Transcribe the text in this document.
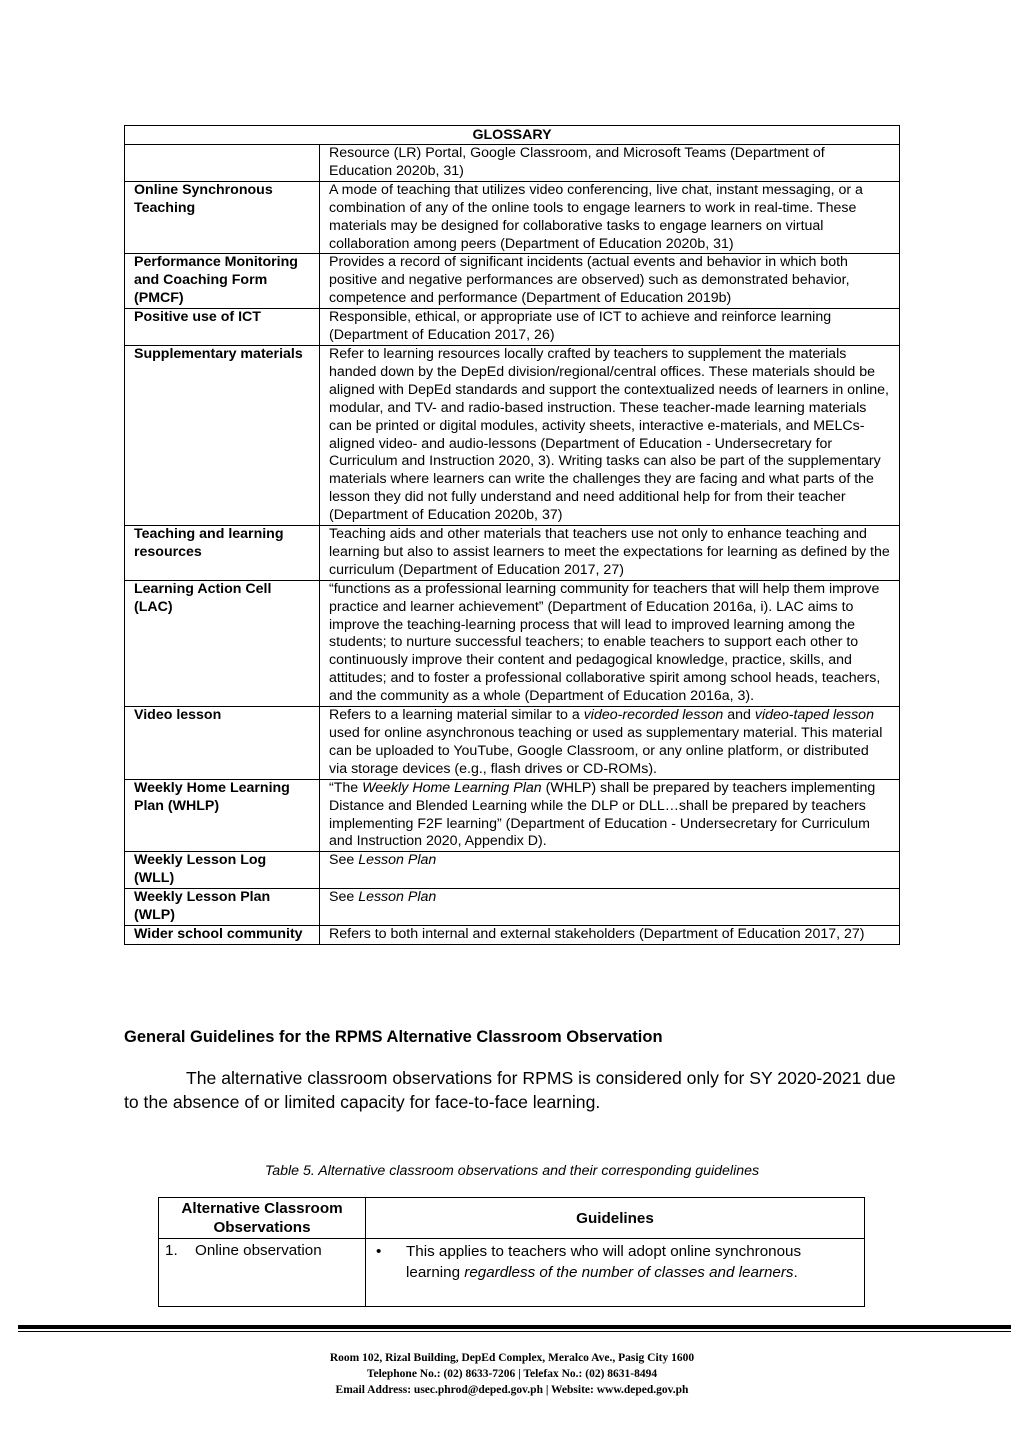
GLOSSARY	
	Resource (LR) Portal, Google Classroom, and Microsoft Teams (Department of Education 2020b, 31)
Online Synchronous Teaching	A mode of teaching that utilizes video conferencing, live chat, instant messaging, or a combination of any of the online tools to engage learners to work in real-time. These materials may be designed for collaborative tasks to engage learners on virtual collaboration among peers (Department of Education 2020b, 31)
Performance Monitoring and Coaching Form (PMCF)	Provides a record of significant incidents (actual events and behavior in which both positive and negative performances are observed) such as demonstrated behavior, competence and performance (Department of Education 2019b)
Positive use of ICT	Responsible, ethical, or appropriate use of ICT to achieve and reinforce learning (Department of Education 2017, 26)
Supplementary materials	Refer to learning resources locally crafted by teachers to supplement the materials handed down by the DepEd division/regional/central offices. These materials should be aligned with DepEd standards and support the contextualized needs of learners in online, modular, and TV- and radio-based instruction. These teacher-made learning materials can be printed or digital modules, activity sheets, interactive e-materials, and MELCs-aligned video- and audio-lessons (Department of Education - Undersecretary for Curriculum and Instruction 2020, 3). Writing tasks can also be part of the supplementary materials where learners can write the challenges they are facing and what parts of the lesson they did not fully understand and need additional help for from their teacher (Department of Education 2020b, 37)
Teaching and learning resources	Teaching aids and other materials that teachers use not only to enhance teaching and learning but also to assist learners to meet the expectations for learning as defined by the curriculum (Department of Education 2017, 27)
Learning Action Cell (LAC)	“functions as a professional learning community for teachers that will help them improve practice and learner achievement” (Department of Education 2016a, i). LAC aims to improve the teaching-learning process that will lead to improved learning among the students; to nurture successful teachers; to enable teachers to support each other to continuously improve their content and pedagogical knowledge, practice, skills, and attitudes; and to foster a professional collaborative spirit among school heads, teachers, and the community as a whole (Department of Education 2016a, 3).
Video lesson	Refers to a learning material similar to a video-recorded lesson and video-taped lesson used for online asynchronous teaching or used as supplementary material. This material can be uploaded to YouTube, Google Classroom, or any online platform, or distributed via storage devices (e.g., flash drives or CD-ROMs).
Weekly Home Learning Plan (WHLP)	“The Weekly Home Learning Plan (WHLP) shall be prepared by teachers implementing Distance and Blended Learning while the DLP or DLL…shall be prepared by teachers implementing F2F learning” (Department of Education - Undersecretary for Curriculum and Instruction 2020, Appendix D).
Weekly Lesson Log (WLL)	See Lesson Plan
Weekly Lesson Plan (WLP)	See Lesson Plan
Wider school community	Refers to both internal and external stakeholders (Department of Education 2017, 27)
General Guidelines for the RPMS Alternative Classroom Observation

The alternative classroom observations for RPMS is considered only for SY 2020-2021 due to the absence of or limited capacity for face-to-face learning.

Table 5. Alternative classroom observations and their corresponding guidelines

Alternative Classroom Observations	Guidelines

1. Online observation	• This applies to teachers who will adopt online synchronous learning regardless of the number of classes and learners.

Room 102, Rizal Building, DepEd Complex, Meralco Ave., Pasig City 1600

Telephone No.: (02) 8633-7206 | Telefax No.: (02) 8631-8494

Email Address: usec.phrod@deped.gov.ph | Website: www.deped.gov.ph
